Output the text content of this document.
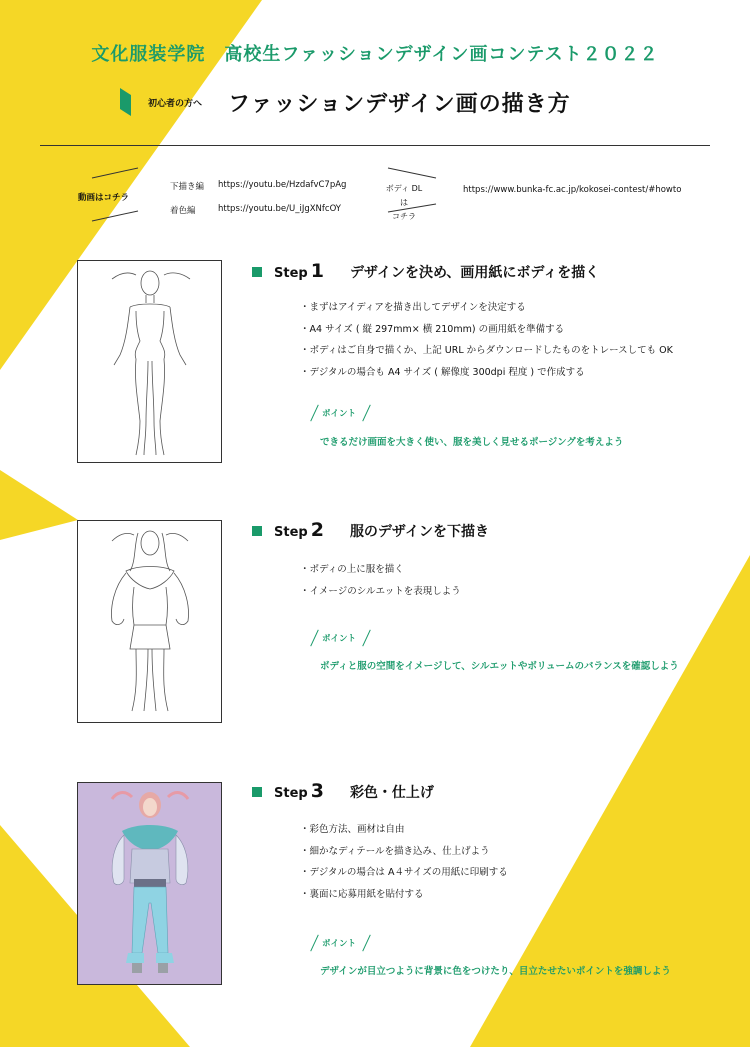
文化服装学院　高校生ファッションデザイン画コンテスト２０２２
初心者の方へ ファッションデザイン画の描き方
動画はコチラ
下描き編 https://youtu.be/HzdafvC7pAg
着色編	https://youtu.be/U_iJgXNfcOY
ボディ DL は
コチラ
https://www.bunka-fc.ac.jp/kokosei-contest/#howto
Step 1 デザインを決め、画用紙にボディを描く
・まずはアイディアを描き出してデザインを決定する
・A4 サイズ ( 縦 297mm× 横 210mm) の画用紙を準備する
・ボディはご自身で描くか、上記 URL からダウンロードしたものをトレースしても OK
・デジタルの場合も A4 サイズ ( 解像度 300dpi 程度 ) で作成する
ポイント
できるだけ画面を大きく使い、服を美しく見せるポージングを考えよう
Step 2 服のデザインを下描き
・ボディの上に服を描く
・イメージのシルエットを表現しよう
ポイント
ボディと服の空間をイメージして、シルエットやボリュームのバランスを確認しよう
Step 3 彩色・仕上げ
・彩色方法、画材は自由
・細かなディテールを描き込み、仕上げよう
・デジタルの場合は A４サイズの用紙に印刷する
・裏面に応募用紙を貼付する
ポイント
デザインが目立つように背景に色をつけたり、目立たせたいポイントを強調しよう
